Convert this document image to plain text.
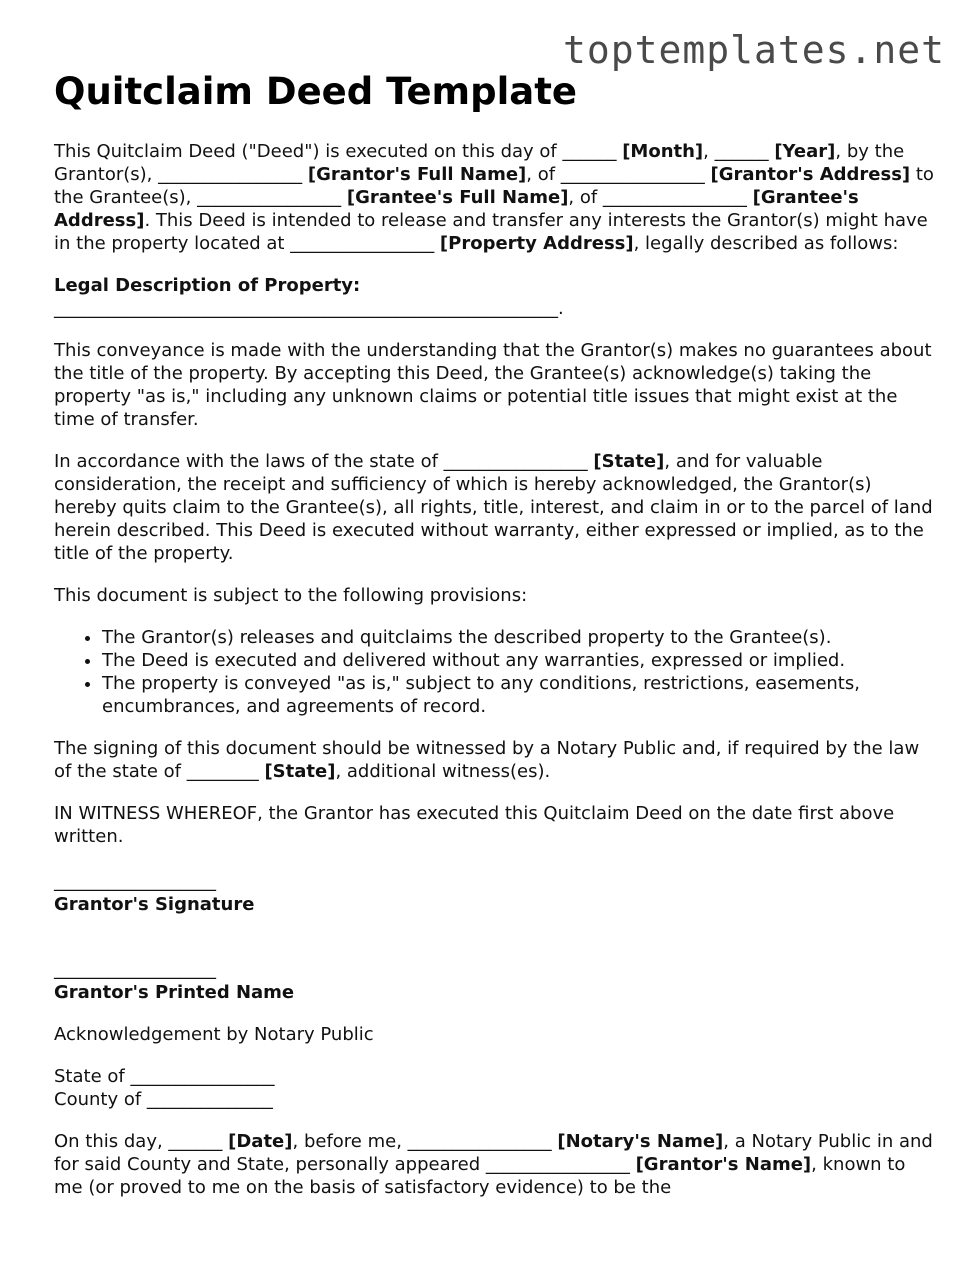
toptemplates.net
Quitclaim Deed Template

This Quitclaim Deed ("Deed") is executed on this day of ______ [Month], ______ [Year], by the Grantor(s), ________________ [Grantor's Full Name], of ________________ [Grantor's Address] to the Grantee(s), ________________ [Grantee's Full Name], of ________________ [Grantee's Address]. This Deed is intended to release and transfer any interests the Grantor(s) might have in the property located at ________________ [Property Address], legally described as follows:

Legal Description of Property:
________________________________________________________.

This conveyance is made with the understanding that the Grantor(s) makes no guarantees about the title of the property. By accepting this Deed, the Grantee(s) acknowledge(s) taking the property "as is," including any unknown claims or potential title issues that might exist at the time of transfer.

In accordance with the laws of the state of ________________ [State], and for valuable consideration, the receipt and sufficiency of which is hereby acknowledged, the Grantor(s) hereby quits claim to the Grantee(s), all rights, title, interest, and claim in or to the parcel of land herein described. This Deed is executed without warranty, either expressed or implied, as to the title of the property.

This document is subject to the following provisions:

• The Grantor(s) releases and quitclaims the described property to the Grantee(s).
• The Deed is executed and delivered without any warranties, expressed or implied.
• The property is conveyed "as is," subject to any conditions, restrictions, easements, encumbrances, and agreements of record.

The signing of this document should be witnessed by a Notary Public and, if required by the law of the state of ________ [State], additional witness(es).

IN WITNESS WHEREOF, the Grantor has executed this Quitclaim Deed on the date first above written.

__________________
Grantor's Signature
__________________
Grantor's Printed Name

Acknowledgement by Notary Public

State of ________________
County of ______________

On this day, ______ [Date], before me, ________________ [Notary's Name], a Notary Public in and for said County and State, personally appeared ________________ [Grantor's Name], known to me (or proved to me on the basis of satisfactory evidence) to be the
